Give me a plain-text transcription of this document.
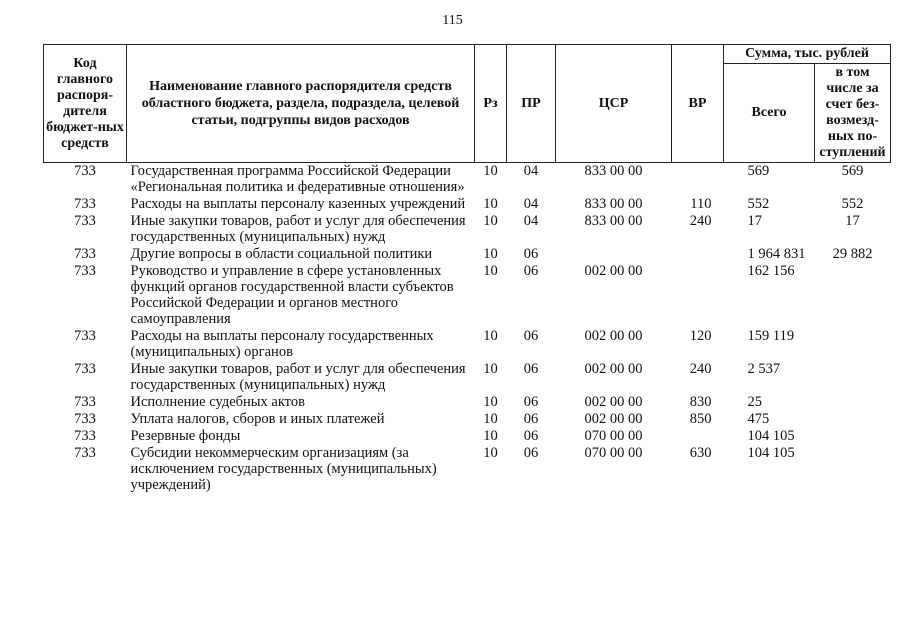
115
Код главного распоря-дителя бюджет-ных средств	Наименование главного распорядителя средств областного бюджета, раздела, подраздела, целевой статьи, подгруппы видов расходов	Рз	ПР	ЦСР	ВР	Сумма, тыс. рублей	
						Всего	в том числе за счет без-возмезд-ных по-ступлений
733	Государственная программа Российской Федерации «Региональная политика и федеративные отношения»	10	04	833 00 00		569	569
733	Расходы на выплаты персоналу казенных учреждений	10	04	833 00 00	110	552	552
733	Иные закупки товаров, работ и услуг для обеспечения государственных (муниципальных) нужд	10	04	833 00 00	240	17	17
733	Другие вопросы в области социальной политики	10	06			1 964 831	29 882
733	Руководство и управление в сфере установленных функций органов государственной власти субъектов Российской Федерации и органов местного самоуправления	10	06	002 00 00		162 156	
733	Расходы на выплаты персоналу государственных (муниципальных) органов	10	06	002 00 00	120	159 119	
733	Иные закупки товаров, работ и услуг для обеспечения государственных (муниципальных) нужд	10	06	002 00 00	240	2 537	
733	Исполнение судебных актов	10	06	002 00 00	830	25	
733	Уплата налогов, сборов и иных платежей	10	06	002 00 00	850	475	
733	Резервные фонды	10	06	070 00 00		104 105	
733	Субсидии некоммерческим организациям (за исключением государственных (муниципальных) учреждений)	10	06	070 00 00	630	104 105	
